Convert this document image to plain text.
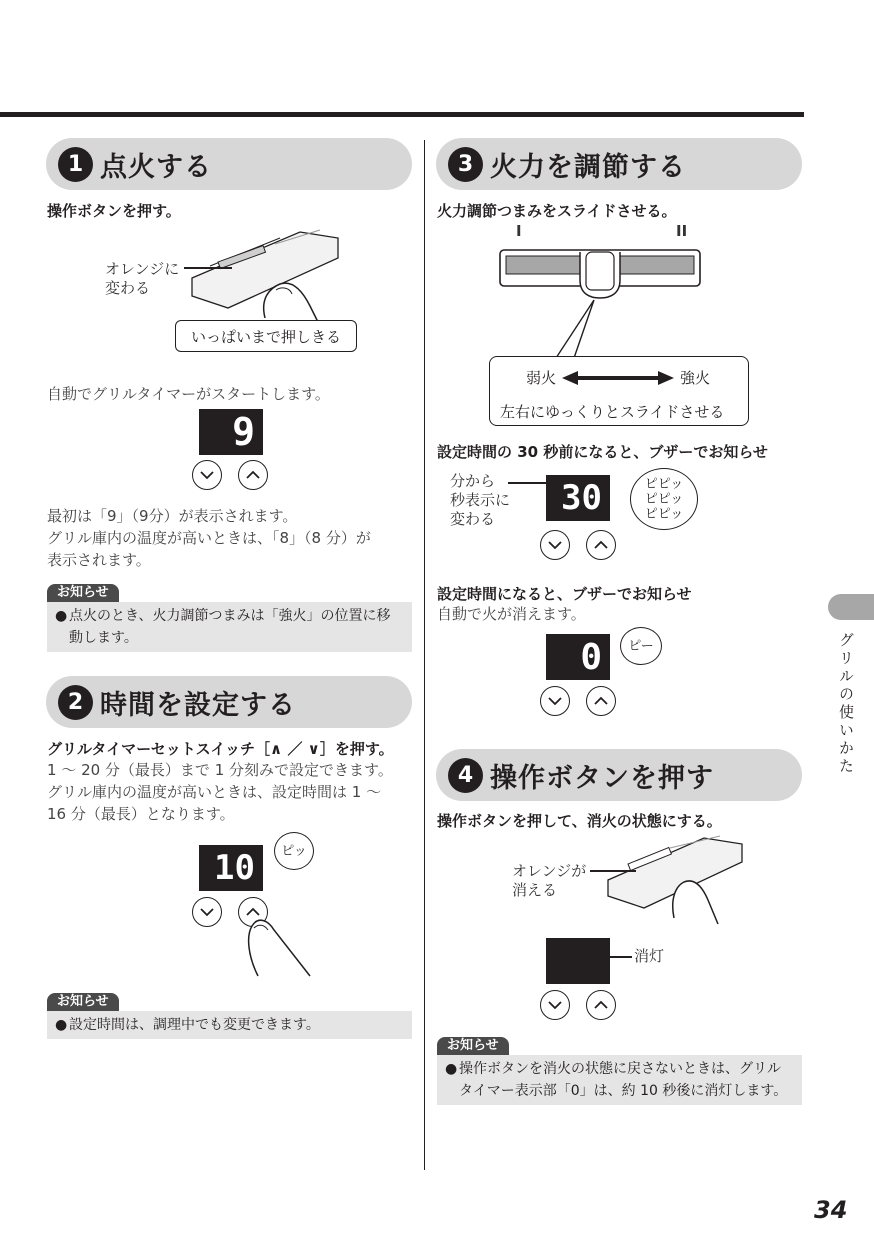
1 点火する
操作ボタンを押す。
オレンジに
変わる
いっぱいまで押しきる
自動でグリルタイマーがスタートします。
9
最初は「9」（9分）が表示されます。
グリル庫内の温度が高いときは、「8」（8 分）が
表示されます。
お知らせ
● 点火のとき、火力調節つまみは「強火」の位置に移動します。
2 時間を設定する
グリルタイマーセットスイッチ［∧ ／ ∨］を押す。
1 ～ 20 分（最長）まで 1 分刻みで設定できます。
グリル庫内の温度が高いときは、設定時間は 1 ～
16 分（最長）となります。
10	ピッ
お知らせ
● 設定時間は、調理中でも変更できます。
3 火力を調節する
火力調節つまみをスライドさせる。
I	II
弱火	強火
左右にゆっくりとスライドさせる
設定時間の 30 秒前になると、ブザーでお知らせ
分から
秒表示に
変わる
30	ピピッ
ピピッ
ピピッ
設定時間になると、ブザーでお知らせ
自動で火が消えます。
0	ピー
4 操作ボタンを押す
操作ボタンを押して、消火の状態にする。
オレンジが
消える
消灯
お知らせ
● 操作ボタンを消火の状態に戻さないときは、グリルタイマー表示部「0」は、約 10 秒後に消灯します。
グリルの使いかた
34
